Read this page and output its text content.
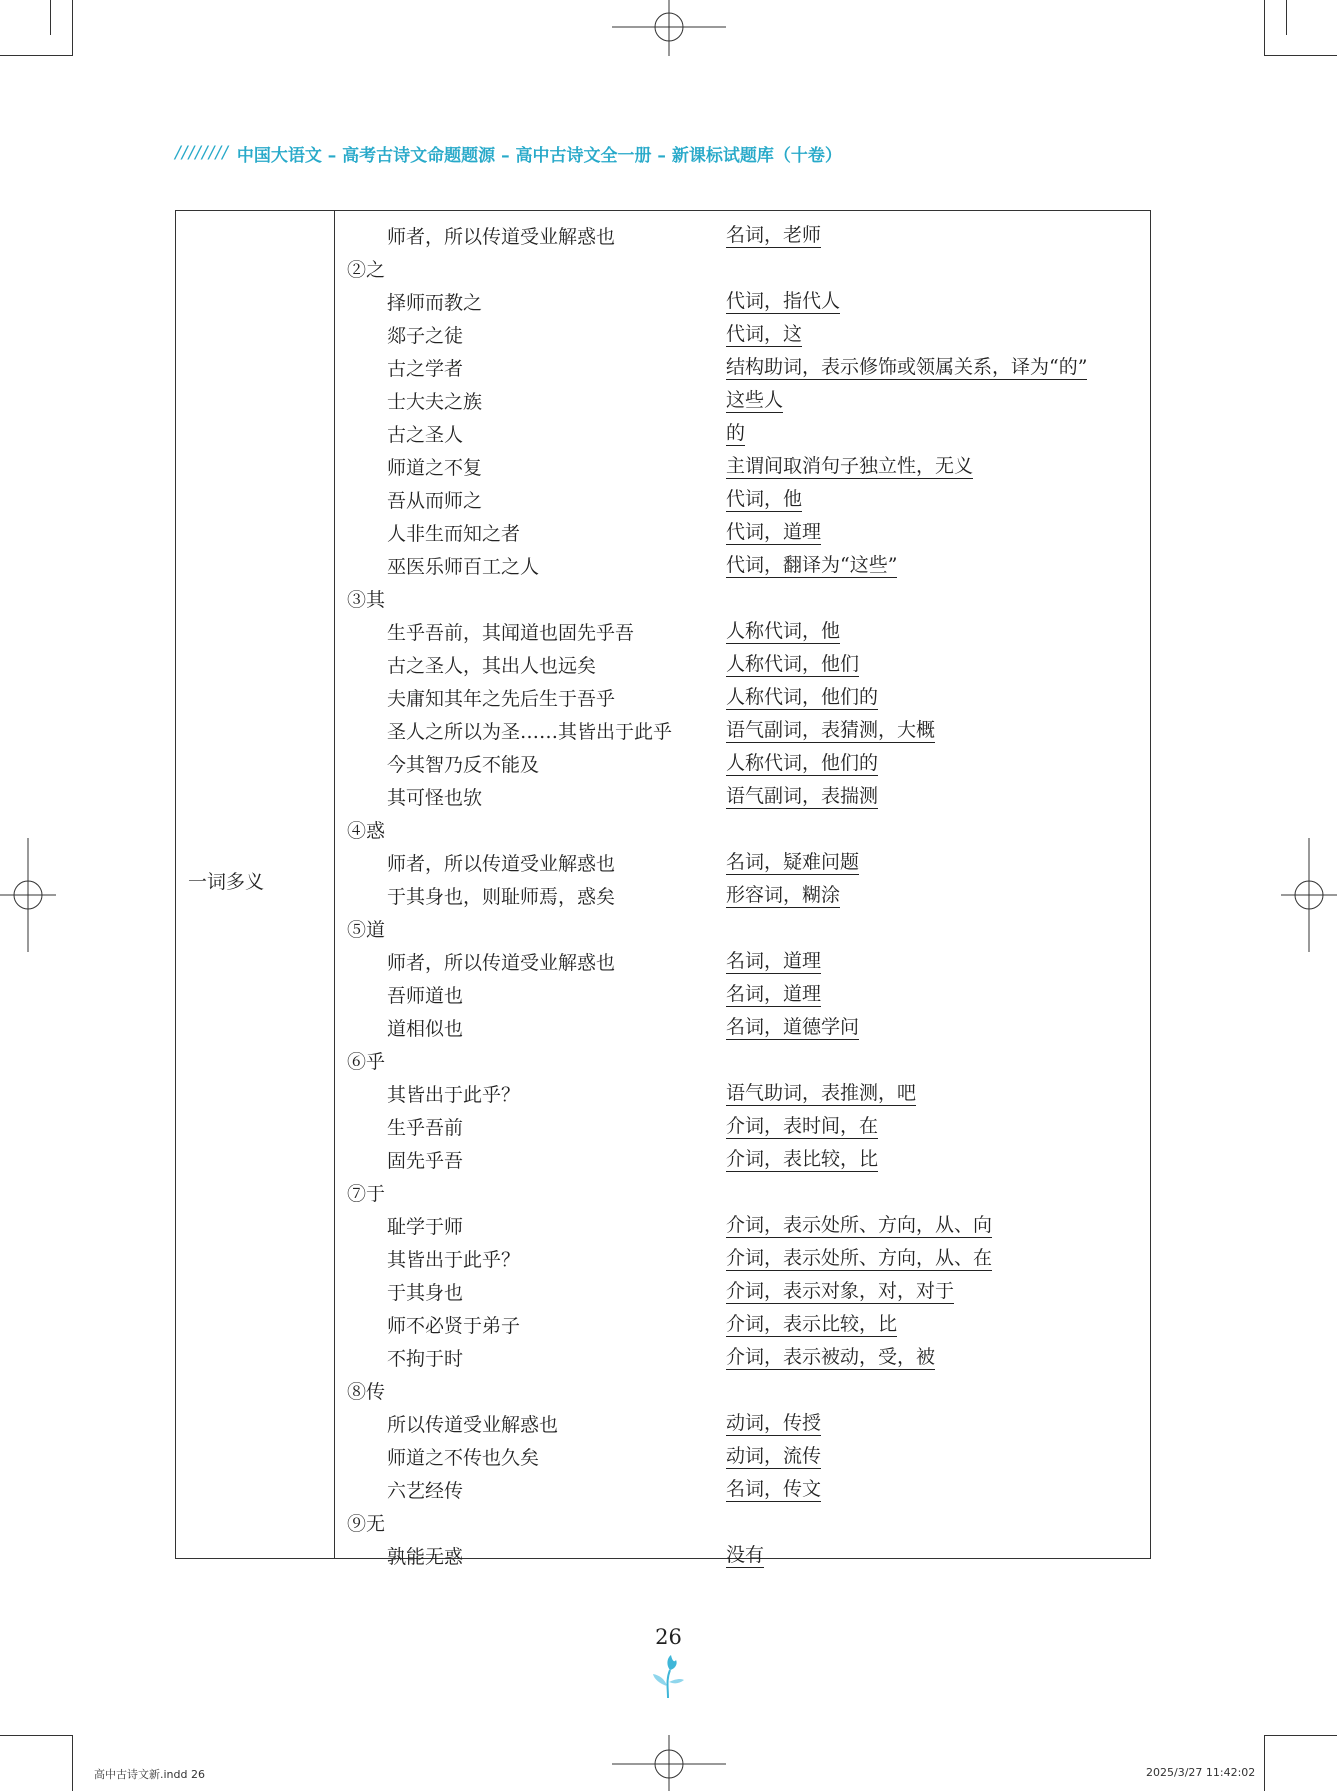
//////// 中国大语文 – 高考古诗文命题题源 – 高中古诗文全一册 – 新课标试题库（十卷）
一词多义
师者，所以传道受业解惑也	名词，老师
②之
择师而教之	代词，指代人
郯子之徒	代词，这
古之学者	结构助词，表示修饰或领属关系，译为“的”
士大夫之族	这些人
古之圣人	的
师道之不复	主谓间取消句子独立性，无义
吾从而师之	代词，他
人非生而知之者	代词，道理
巫医乐师百工之人	代词，翻译为“这些”
③其
生乎吾前，其闻道也固先乎吾	人称代词，他
古之圣人，其出人也远矣	人称代词，他们
夫庸知其年之先后生于吾乎	人称代词，他们的
圣人之所以为圣……其皆出于此乎	语气副词，表猜测，大概
今其智乃反不能及	人称代词，他们的
其可怪也欤	语气副词，表揣测
④惑
师者，所以传道受业解惑也	名词，疑难问题
于其身也，则耻师焉，惑矣	形容词，糊涂
⑤道
师者，所以传道受业解惑也	名词，道理
吾师道也	名词，道理
道相似也	名词，道德学问
⑥乎
其皆出于此乎？	语气助词，表推测，吧
生乎吾前	介词，表时间，在
固先乎吾	介词，表比较，比
⑦于
耻学于师	介词，表示处所、方向，从、向
其皆出于此乎？	介词，表示处所、方向，从、在
于其身也	介词，表示对象，对，对于
师不必贤于弟子	介词，表示比较，比
不拘于时	介词，表示被动，受，被
⑧传
所以传道受业解惑也	动词，传授
师道之不传也久矣	动词，流传
六艺经传	名词，传文
⑨无
孰能无惑	没有
26
高中古诗文新.indd 26	2025/3/27 11:42:02
